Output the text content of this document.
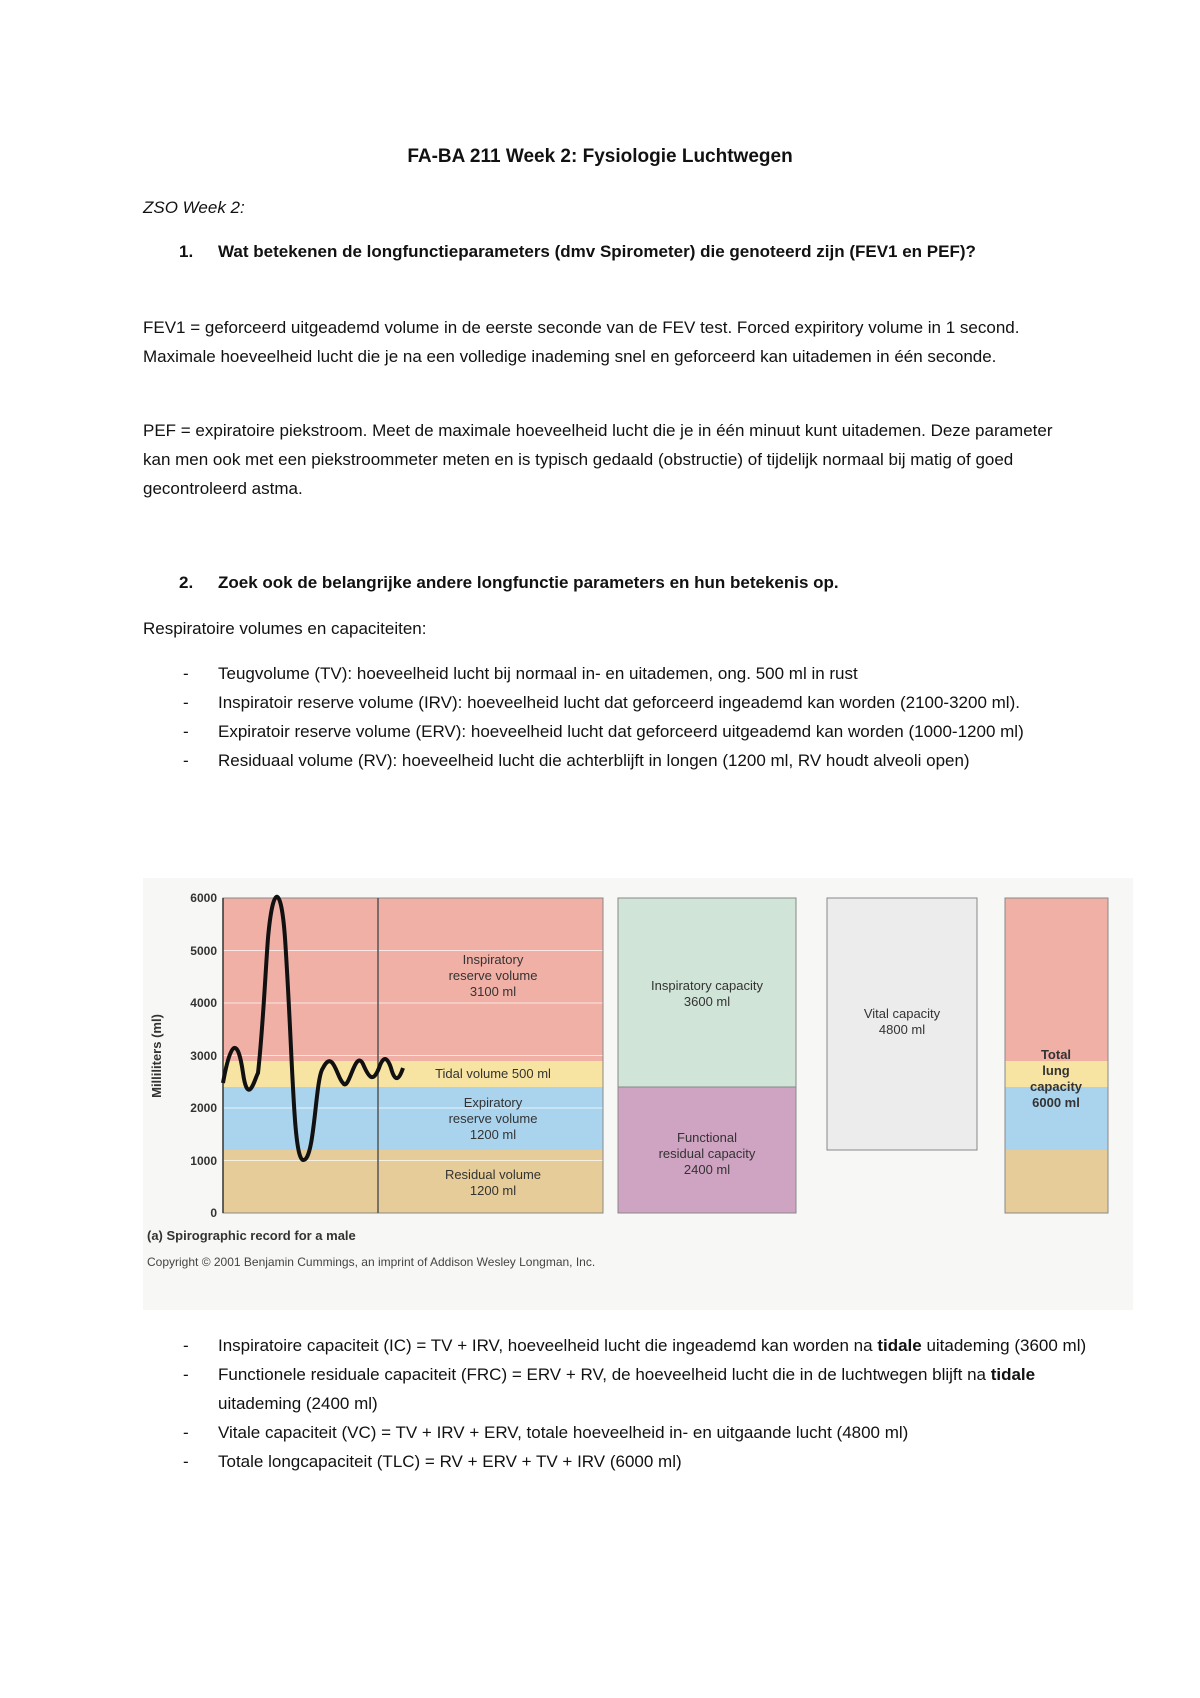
FA-BA 211 Week 2: Fysiologie Luchtwegen
ZSO Week 2:
1. Wat betekenen de longfunctieparameters (dmv Spirometer) die genoteerd zijn (FEV1 en PEF)?
FEV1 = geforceerd uitgeademd volume in de eerste seconde van de FEV test. Forced expiritory volume in 1 second. Maximale hoeveelheid lucht die je na een volledige inademing snel en geforceerd kan uitademen in één seconde.
PEF = expiratoire piekstroom. Meet de maximale hoeveelheid lucht die je in één minuut kunt uitademen. Deze parameter kan men ook met een piekstroommeter meten en is typisch gedaald (obstructie) of tijdelijk normaal bij matig of goed gecontroleerd astma.
2. Zoek ook de belangrijke andere longfunctie parameters en hun betekenis op.
Respiratoire volumes en capaciteiten:
- Teugvolume (TV): hoeveelheid lucht bij normaal in- en uitademen, ong. 500 ml in rust
- Inspiratoir reserve volume (IRV): hoeveelheid lucht dat geforceerd ingeademd kan worden (2100-3200 ml).
- Expiratoir reserve volume (ERV): hoeveelheid lucht dat geforceerd uitgeademd kan worden (1000-1200 ml)
- Residuaal volume (RV): hoeveelheid lucht die achterblijft in longen (1200 ml, RV houdt alveoli open)
6000
5000
4000
3000
2000
1000
0
Milliliters (ml)
Inspiratory
reserve volume
3100 ml
Tidal volume 500 ml
Expiratory
reserve volume
1200 ml
Residual volume
1200 ml
Inspiratory capacity
3600 ml
Functional
residual capacity
2400 ml
Vital capacity
4800 ml
Total
lung
capacity
6000 ml
(a) Spirographic record for a male
Copyright © 2001 Benjamin Cummings, an imprint of Addison Wesley Longman, Inc.
- Inspiratoire capaciteit (IC) = TV + IRV, hoeveelheid lucht die ingeademd kan worden na tidale uitademing (3600 ml)
- Functionele residuale capaciteit (FRC) = ERV + RV, de hoeveelheid lucht die in de luchtwegen blijft na tidale uitademing (2400 ml)
- Vitale capaciteit (VC) = TV + IRV + ERV, totale hoeveelheid in- en uitgaande lucht (4800 ml)
- Totale longcapaciteit (TLC) = RV + ERV + TV + IRV (6000 ml)
